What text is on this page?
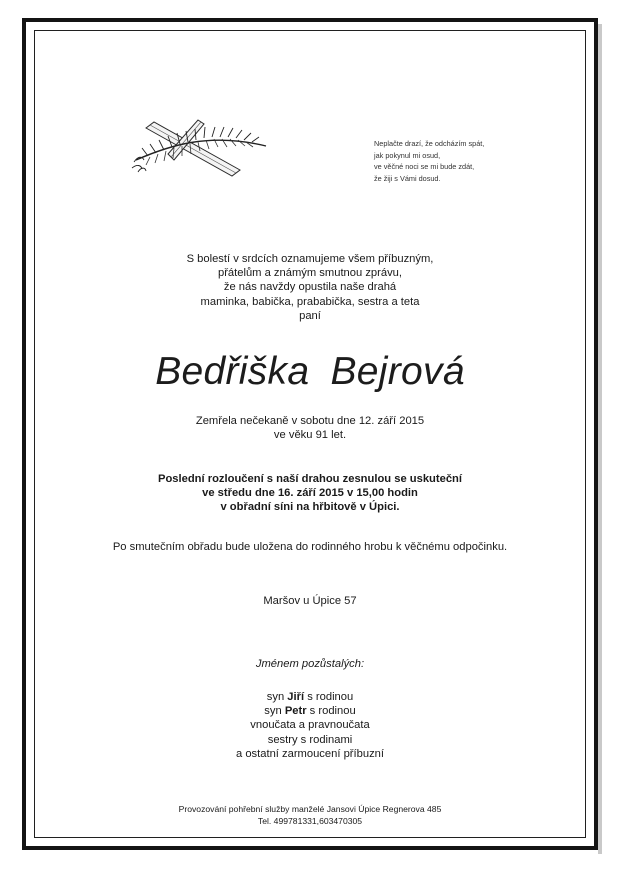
Neplačte drazí, že odcházím spát,
jak pokynul mi osud,
ve věčné noci se mi bude zdát,
že žiji s Vámi dosud.
S bolestí v srdcích oznamujeme všem příbuzným,
přátelům a známým smutnou zprávu,
že nás navždy opustila naše drahá
maminka, babička, prababička, sestra a teta
paní
Bedřiška Bejrová
Zemřela nečekaně v sobotu dne 12. září 2015
ve věku 91 let.
Poslední rozloučení s naší drahou zesnulou se uskuteční
ve středu dne 16. září 2015 v 15,00 hodin
v obřadní síni na hřbitově v Úpici.
Po smutečním obřadu bude uložena do rodinného hrobu k věčnému odpočinku.
Maršov u Úpice 57
Jménem pozůstalých:
syn Jiří s rodinou
syn Petr s rodinou
vnoučata a pravnoučata
sestry s rodinami
a ostatní zarmoucení příbuzní
Provozování pohřební služby manželé Jansovi Úpice Regnerova 485
Tel. 499781331,603470305
